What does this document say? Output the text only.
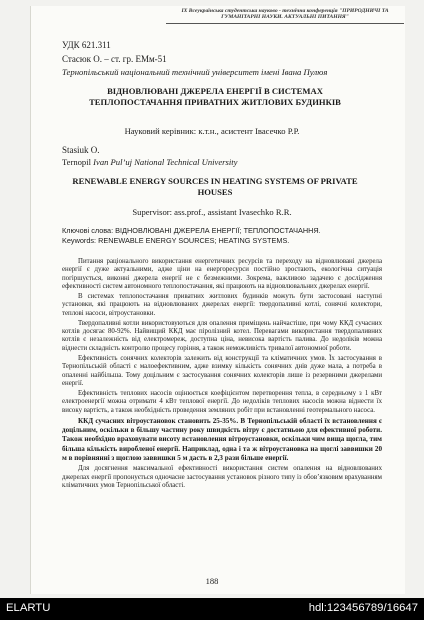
IX Всеукраїнська студентська науково - технічна конференція "ПРИРОДНИЧІ ТА ГУМАНІТАРНІ НАУКИ. АКТУАЛЬНІ ПИТАННЯ"
УДК 621.311
Стасюк О. – ст. гр. ЕМм-51
Тернопільський національний технічний університет імені Івана Пулюя
ВІДНОВЛЮВАНІ ДЖЕРЕЛА ЕНЕРГІЇ В СИСТЕМАХ ТЕПЛОПОСТАЧАННЯ ПРИВАТНИХ ЖИТЛОВИХ БУДИНКІВ
Науковий керівник: к.т.н., асистент Івасечко Р.Р.
Stasiuk O.
Ternopil Ivan Pul’uj National Technical University
RENEWABLE ENERGY SOURCES IN HEATING SYSTEMS OF PRIVATE HOUSES
Supervisor: ass.prof., assistant Ivasechko R.R.
Ключові слова: ВІДНОВЛЮВАНІ ДЖЕРЕЛА ЕНЕРГІЇ; ТЕПЛОПОСТАЧАННЯ.
Keywords: RENEWABLE ENERGY SOURCES; HEATING SYSTEMS.

Питання раціонального використання енергетичних ресурсів та переходу на відновлювані джерела енергії є дуже актуальними, адже ціни на енергоресурси постійно зростають, екологічна ситуація погіршується, виконні джерела енергії не є безмежними. Зокрема, важливою задачею є дослідження ефективності систем автономного теплопостачання, які працюють на відновлювальних джерелах енергії.

В системах теплопостачання приватних житлових будинків можуть бути застосовані наступні установки, які працюють на відновлюваних джерелах енергії: твердопаливні котлі, сонячні колектори, теплові насоси, вітроустановки.

Твердопаливні котли використовуються для опалення приміщень найчастіше, при чому ККД сучасних котлів досягає 80-92%. Найвищий ККД має піролізний котел. Перевагами використання твердопаливних котлів є незалежність від електромереж, доступна ціна, невисока вартість палива. До недоліків можна віднести складність контролю процесу горіння, а також неможливість тривалої автономної роботи.

Ефективність сонячних колекторів залежить від конструкції та кліматичних умов. Їх застосування в Тернопільській області є малоефективним, адже взимку кількість сонячних днів дуже мала, а потреба в опаленні найбільша. Тому доцільним є застосування сонячних колекторів лише із резервними джерелами енергії.

Ефективність теплових насосів оцінюється коефіцієнтом перетворення тепла, в середньому з 1 кВт електроенергії можна отримати 4 кВт теплової енергії. До недоліків теплових насосів можна віднести їх високу вартість, а також необхідність проведення земляних робіт при встановленні геотермального насоса.

ККД сучасних вітроустановок становить 25-35%. В Тернопільській області їх встановлення є доцільним, оскільки в більшу частину року швидкість вітру є достатньою для ефективної роботи. Також необхідно враховувати висоту встановлення вітроустановки, оскільки чим вища щогла, тим більша кількість виробленої енергії. Наприклад, одна і та ж вітроустановка на щоглі заввишки 20 м в порівнянні з щоглою заввишки 5 м дасть в 2,3 рази більше енергії.

Для досягнення максимальної ефективності використання систем опалення на відновлюваних джерелах енергії пропонується одночасне застосування установок різного типу із обов’язковим врахуванням кліматичних умов Тернопільської області.

188
ELARTU	hdl:123456789/16647
